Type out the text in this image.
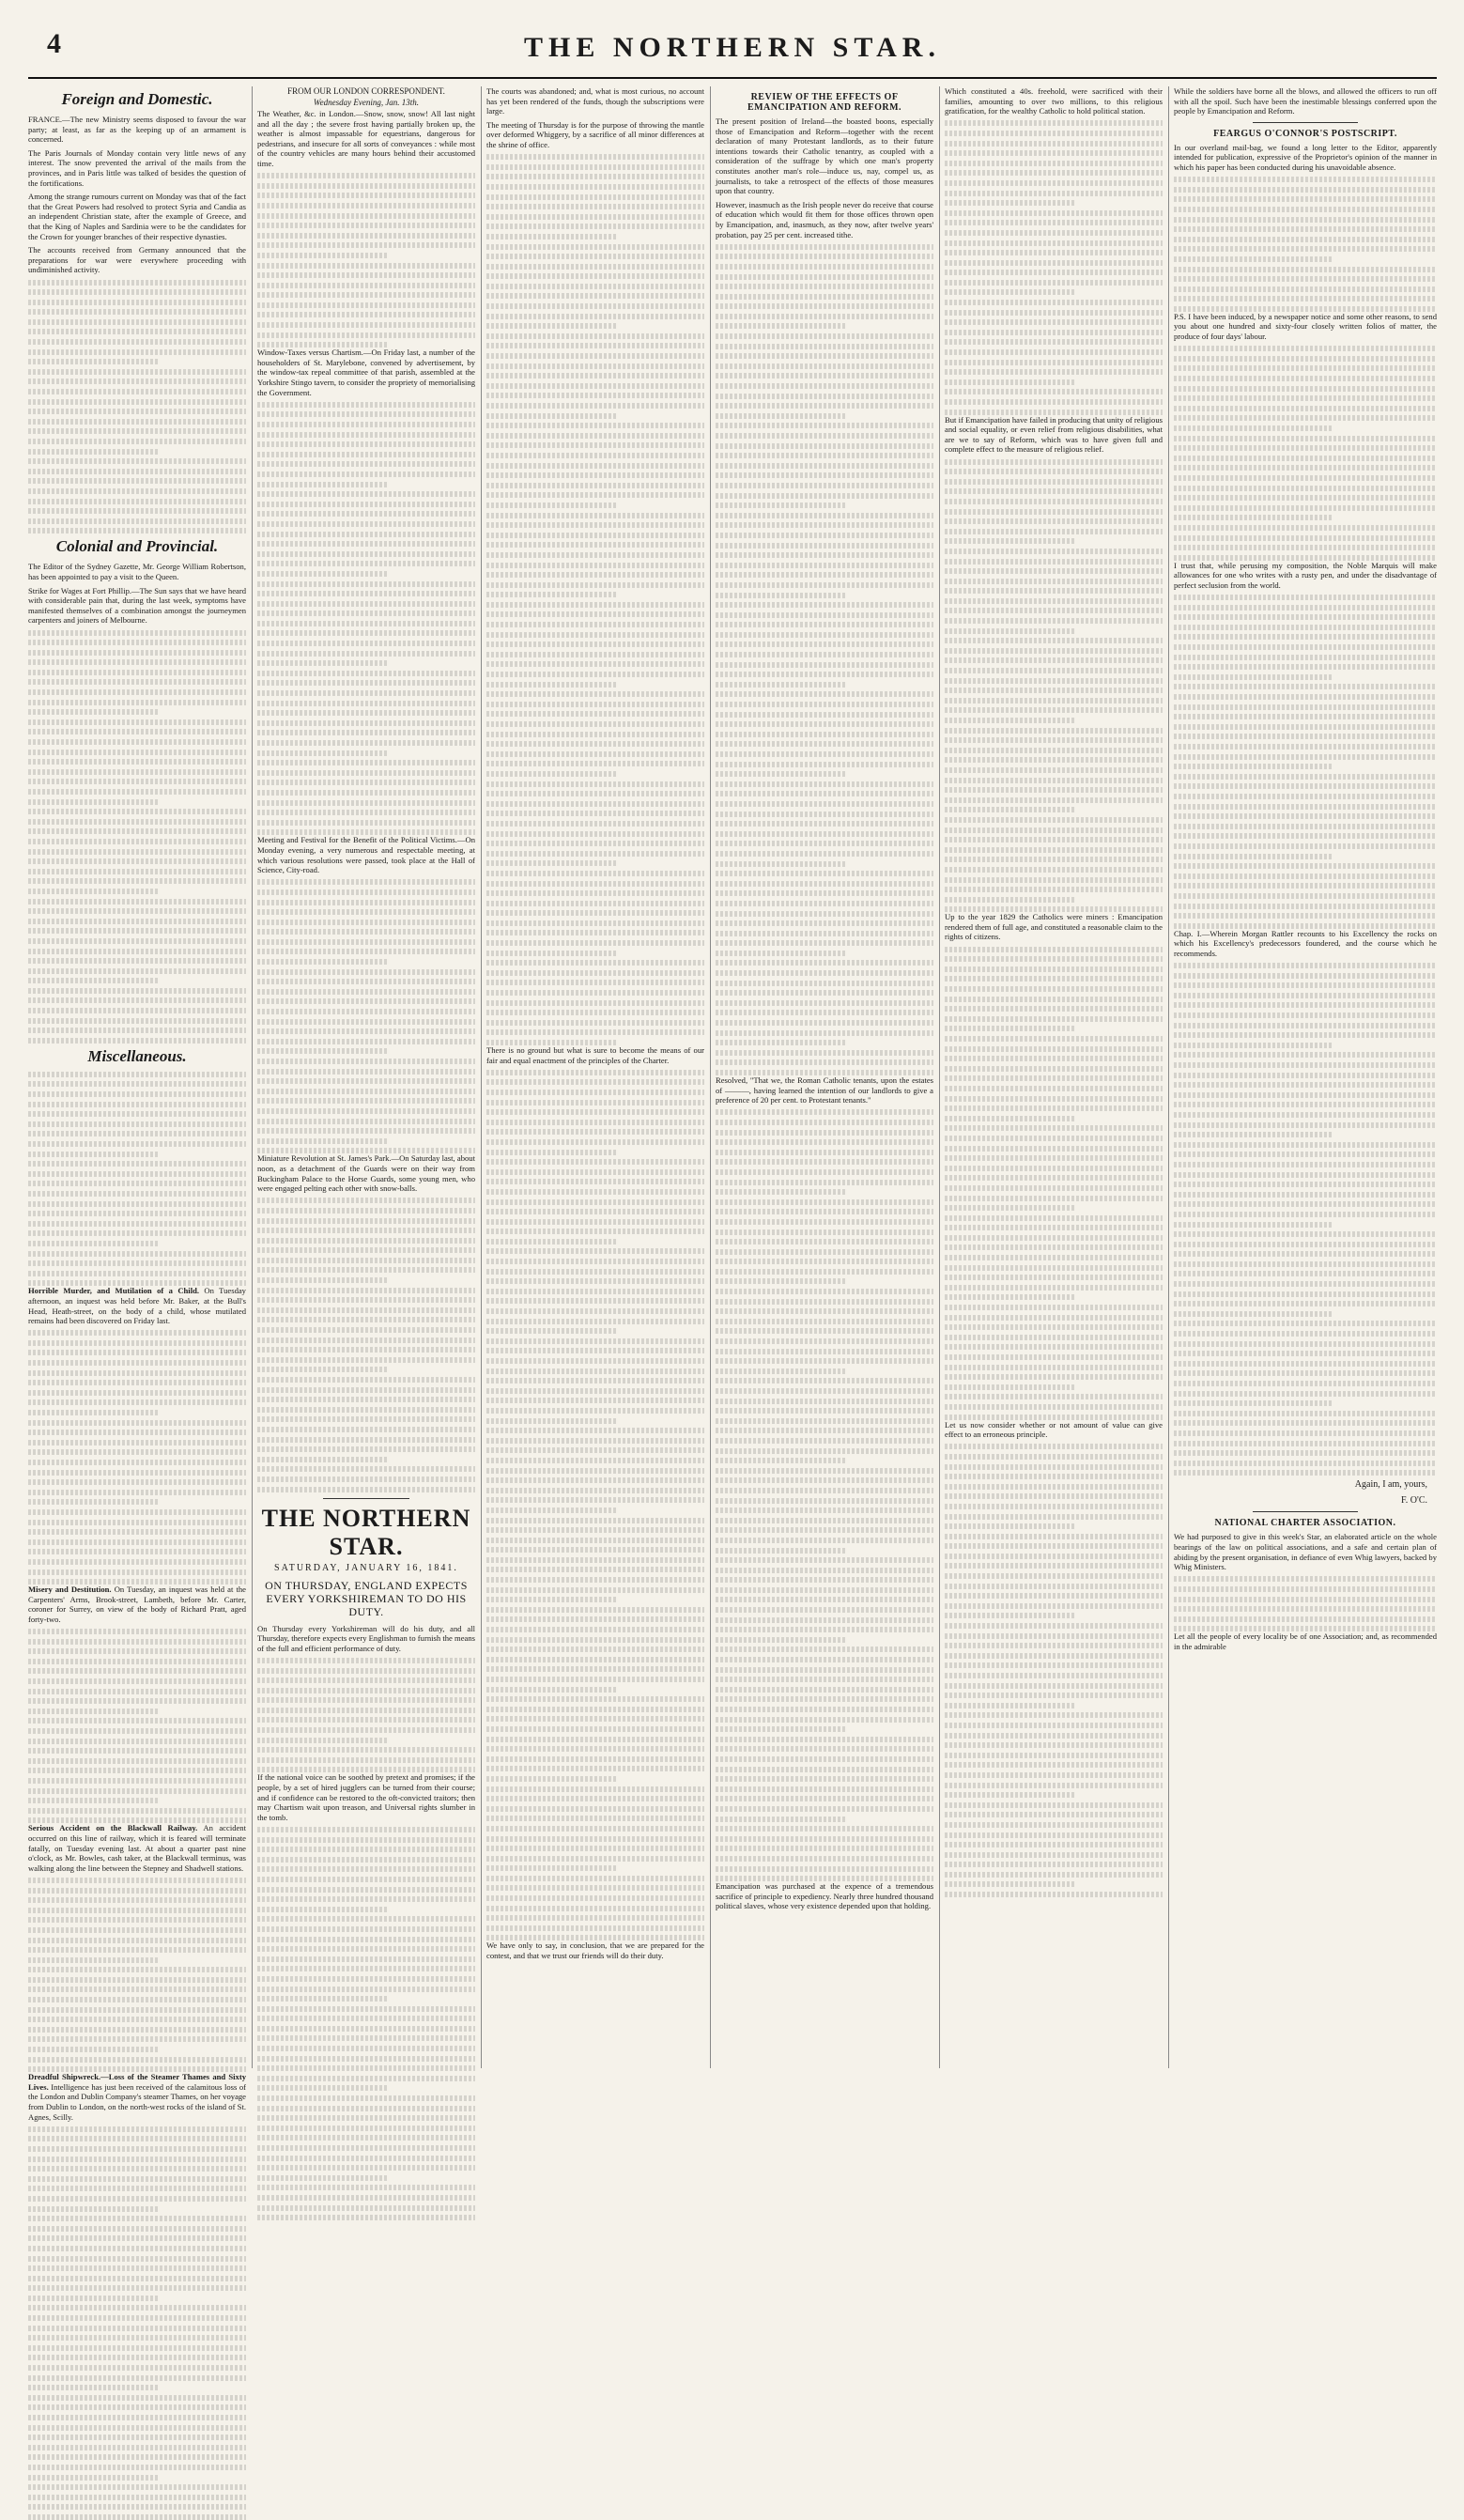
4	THE NORTHERN STAR.
Foreign and Domestic.

FRANCE.—The new Ministry seems disposed to favour the war party; at least, as far as the keeping up of an armament is concerned.

The Paris Journals of Monday contain very little news of any interest. The snow prevented the arrival of the mails from the provinces, and in Paris little was talked of besides the question of the fortifications.

Among the strange rumours current on Monday was that of the fact that the Great Powers had resolved to protect Syria and Candia as an independent Christian state, after the example of Greece, and that the King of Naples and Sardinia were to be the candidates for the Crown for younger branches of their respective dynasties.

The accounts received from Germany announced that the preparations for war were everywhere proceeding with undiminished activity.

Colonial and Provincial.

The Editor of the Sydney Gazette, Mr. George William Robertson, has been appointed to pay a visit to the Queen.

Strike for Wages at Fort Phillip.—The Sun says that we have heard with considerable pain that, during the last week, symptoms have manifested themselves of a combination amongst the journeymen carpenters and joiners of Melbourne.

Miscellaneous.

Horrible Murder, and Mutilation of a Child. On Tuesday afternoon, an inquest was held before Mr. Baker, at the Bull's Head, Heath-street, on the body of a child, whose mutilated remains had been discovered on Friday last.

Misery and Destitution. On Tuesday, an inquest was held at the Carpenters' Arms, Brook-street, Lambeth, before Mr. Carter, coroner for Surrey, on view of the body of Richard Pratt, aged forty-two.

Serious Accident on the Blackwall Railway. An accident occurred on this line of railway, which it is feared will terminate fatally, on Tuesday evening last. At about a quarter past nine o'clock, as Mr. Bowles, cash taker, at the Blackwall terminus, was walking along the line between the Stepney and Shadwell stations.

Dreadful Shipwreck.—Loss of the Steamer Thames and Sixty Lives. Intelligence has just been received of the calamitous loss of the London and Dublin Company's steamer Thames, on her voyage from Dublin to London, on the north-west rocks of the island of St. Agnes, Scilly.

FROM OUR LONDON CORRESPONDENT.
Wednesday Evening, Jan. 13th.

The Weather, &c. in London.—Snow, snow, snow! All last night and all the day ; the severe frost having partially broken up, the weather is almost impassable for equestrians, dangerous for pedestrians, and insecure for all sorts of conveyances : while most of the country vehicles are many hours behind their accustomed time.

Window-Taxes versus Chartism.—On Friday last, a number of the householders of St. Marylebone, convened by advertisement, by the window-tax repeal committee of that parish, assembled at the Yorkshire Stingo tavern, to consider the propriety of memorialising the Government.

Meeting and Festival for the Benefit of the Political Victims.—On Monday evening, a very numerous and respectable meeting, at which various resolutions were passed, took place at the Hall of Science, City-road.

Miniature Revolution at St. James's Park.—On Saturday last, about noon, as a detachment of the Guards were on their way from Buckingham Palace to the Horse Guards, some young men, who were engaged pelting each other with snow-balls.

THE NORTHERN STAR.
SATURDAY, JANUARY 16, 1841.
ON THURSDAY, ENGLAND EXPECTS EVERY YORKSHIREMAN TO DO HIS DUTY.

On Thursday every Yorkshireman will do his duty, and all Thursday, therefore expects every Englishman to furnish the means of the full and efficient performance of duty.

If the national voice can be soothed by pretext and promises; if the people, by a set of hired jugglers can be turned from their course; and if confidence can be restored to the oft-convicted traitors; then may Chartism wait upon treason, and Universal rights slumber in the tomb.

The courts was abandoned; and, what is most curious, no account has yet been rendered of the funds, though the subscriptions were large.

The meeting of Thursday is for the purpose of throwing the mantle over deformed Whiggery, by a sacrifice of all minor differences at the shrine of office.

There is no ground but what is sure to become the means of our fair and equal enactment of the principles of the Charter.

We have only to say, in conclusion, that we are prepared for the contest, and that we trust our friends will do their duty.

REVIEW OF THE EFFECTS OF EMANCIPATION AND REFORM.

The present position of Ireland—the boasted boons, especially those of Emancipation and Reform—together with the recent declaration of many Protestant landlords, as to their future intentions towards their Catholic tenantry, as coupled with a consideration of the suffrage by which one man's property constitutes another man's role—induce us, nay, compel us, as journalists, to take a retrospect of the effects of those measures upon that country.

However, inasmuch as the Irish people never do receive that course of education which would fit them for those offices thrown open by Emancipation, and, inasmuch, as they now, after twelve years' probation, pay 25 per cent. increased tithe.

Resolved, "That we, the Roman Catholic tenants, upon the estates of ———, having learned the intention of our landlords to give a preference of 20 per cent. to Protestant tenants."

Emancipation was purchased at the expence of a tremendous sacrifice of principle to expediency. Nearly three hundred thousand political slaves, whose very existence depended upon that holding.

Which constituted a 40s. freehold, were sacrificed with their families, amounting to over two millions, to this religious gratification, for the wealthy Catholic to hold political station.

But if Emancipation have failed in producing that unity of religious and social equality, or even relief from religious disabilities, what are we to say of Reform, which was to have given full and complete effect to the measure of religious relief.

Up to the year 1829 the Catholics were miners : Emancipation rendered them of full age, and constituted a reasonable claim to the rights of citizens.

Let us now consider whether or not amount of value can give effect to an erroneous principle.

While the soldiers have borne all the blows, and allowed the officers to run off with all the spoil. Such have been the inestimable blessings conferred upon the people by Emancipation and Reform.

FEARGUS O'CONNOR'S POSTSCRIPT.

In our overland mail-bag, we found a long letter to the Editor, apparently intended for publication, expressive of the Proprietor's opinion of the manner in which his paper has been conducted during his unavoidable absence.

P.S. I have been induced, by a newspaper notice and some other reasons, to send you about one hundred and sixty-four closely written folios of matter, the produce of four days' labour.

I trust that, while perusing my composition, the Noble Marquis will make allowances for one who writes with a rusty pen, and under the disadvantage of perfect seclusion from the world.

Chap. I.—Wherein Morgan Rattler recounts to his Excellency the rocks on which his Excellency's predecessors foundered, and the course which he recommends.

Again, I am, yours,
F. O'C.
NATIONAL CHARTER ASSOCIATION.

We had purposed to give in this week's Star, an elaborated article on the whole bearings of the law on political associations, and a safe and certain plan of abiding by the present organisation, in defiance of even Whig lawyers, backed by Whig Ministers.

Let all the people of every locality be of one Association; and, as recommended in the admirable
